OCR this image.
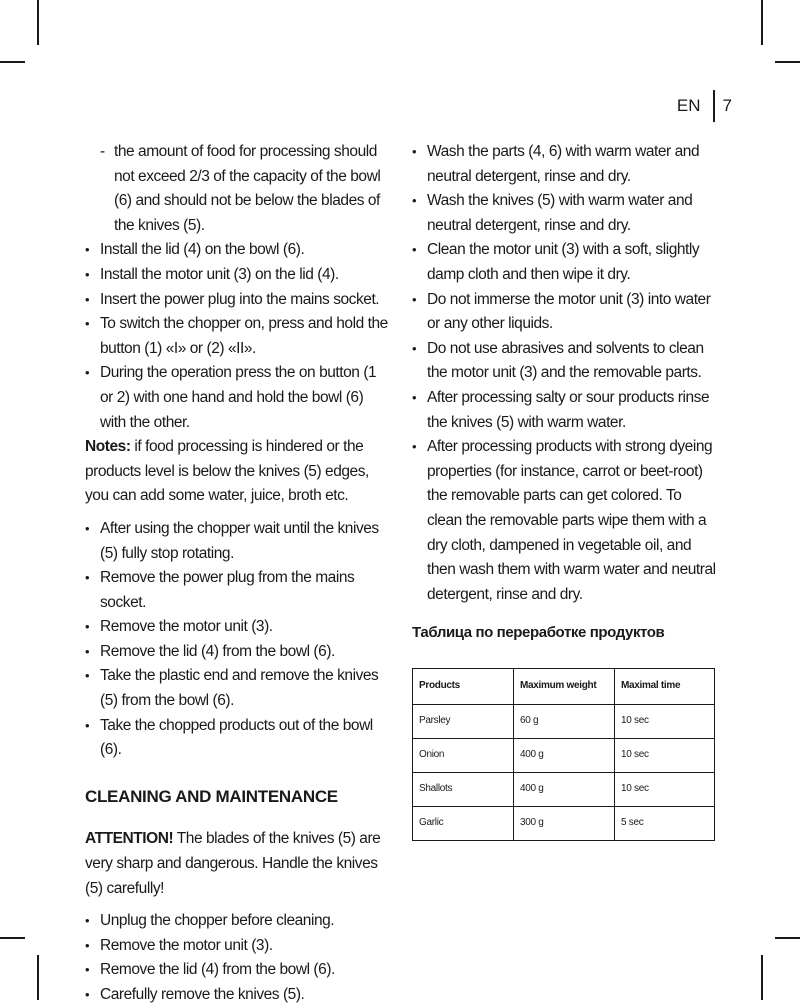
EN 7
- the amount of food for processing should not exceed 2/3 of the capacity of the bowl (6) and should not be below the blades of the knives (5).
• Install the lid (4) on the bowl (6).
• Install the motor unit (3) on the lid (4).
• Insert the power plug into the mains socket.
• To switch the chopper on, press and hold the button (1) «I» or (2) «II».
• During the operation press the on button (1 or 2) with one hand and hold the bowl (6) with the other.

Notes: if food processing is hindered or the products level is below the knives (5) edges, you can add some water, juice, broth etc.

• After using the chopper wait until the knives (5) fully stop rotating.
• Remove the power plug from the mains socket.
• Remove the motor unit (3).
• Remove the lid (4) from the bowl (6).
• Take the plastic end and remove the knives (5) from the bowl (6).
• Take the chopped products out of the bowl (6).
CLEANING AND MAINTENANCE

ATTENTION! The blades of the knives (5) are very sharp and dangerous. Handle the knives (5) carefully!

• Unplug the chopper before cleaning.
• Remove the motor unit (3).
• Remove the lid (4) from the bowl (6).
• Carefully remove the knives (5).
• Wash the parts (4, 6) with warm water and neutral detergent, rinse and dry.
• Wash the knives (5) with warm water and neutral detergent, rinse and dry.
• Clean the motor unit (3) with a soft, slightly damp cloth and then wipe it dry.
• Do not immerse the motor unit (3) into water or any other liquids.
• Do not use abrasives and solvents to clean the motor unit (3) and the removable parts.
• After processing salty or sour products rinse the knives (5) with warm water.
• After processing products with strong dyeing properties (for instance, carrot or beet-root) the removable parts can get colored. To clean the removable parts wipe them with a dry cloth, dampened in vegetable oil, and then wash them with warm water and neutral detergent, rinse and dry.
Таблица по переработке продуктов
Products	Maximum weight	Maximal time
Parsley	60 g	10 sec
Onion	400 g	10 sec
Shallots	400 g	10 sec
Garlic	300 g	5 sec
